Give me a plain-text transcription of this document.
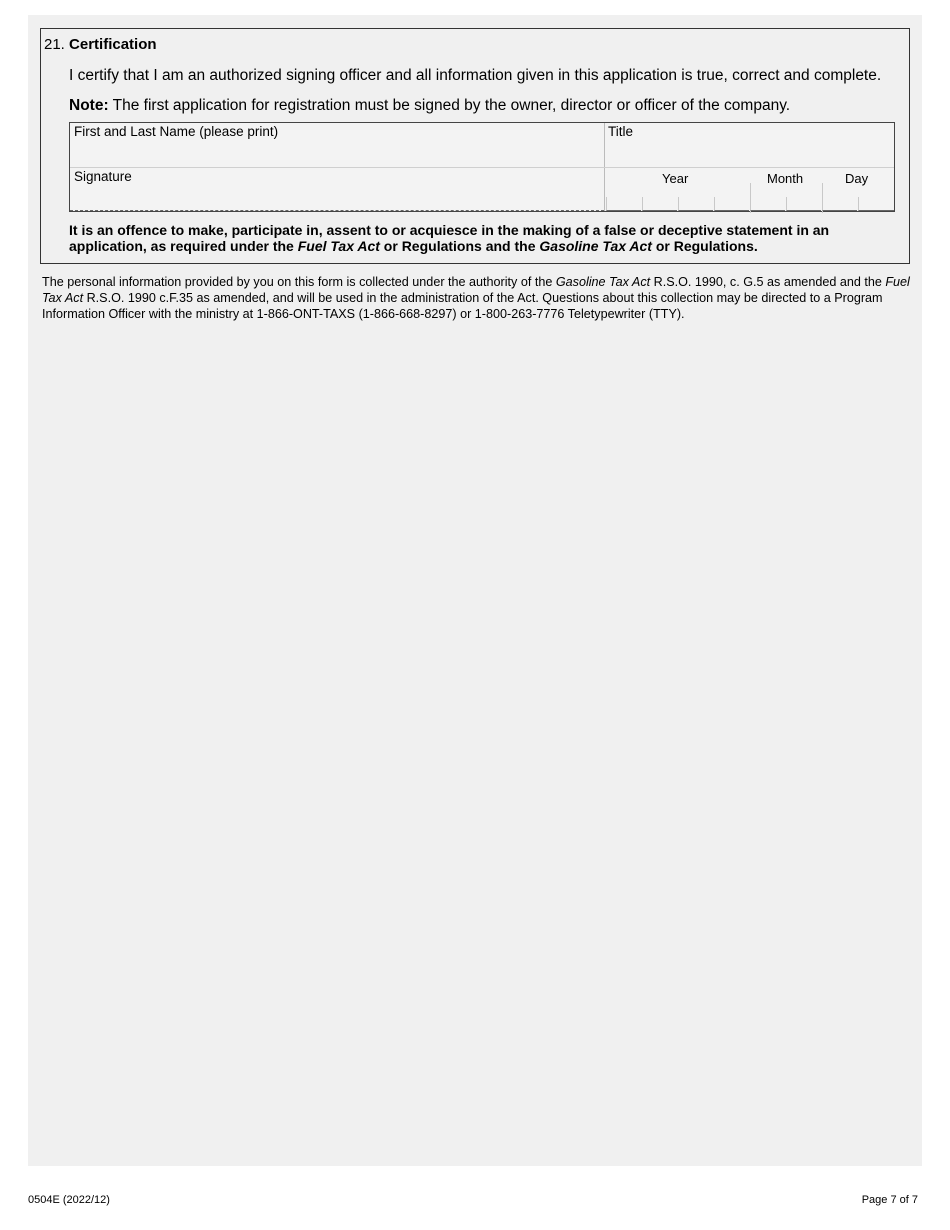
21. Certification
I certify that I am an authorized signing officer and all information given in this application is true, correct and complete.
Note: The first application for registration must be signed by the owner, director or officer of the company.
First and Last Name (please print)	Title
Signature	Year	Month	Day
It is an offence to make, participate in, assent to or acquiesce in the making of a false or deceptive statement in an application, as required under the Fuel Tax Act or Regulations and the Gasoline Tax Act or Regulations.
The personal information provided by you on this form is collected under the authority of the Gasoline Tax Act R.S.O. 1990, c. G.5 as amended and the Fuel Tax Act R.S.O. 1990 c.F.35 as amended, and will be used in the administration of the Act. Questions about this collection may be directed to a Program Information Officer with the ministry at 1-866-ONT-TAXS (1-866-668-8297) or 1-800-263-7776 Teletypewriter (TTY).
0504E (2022/12)	Page 7 of 7
